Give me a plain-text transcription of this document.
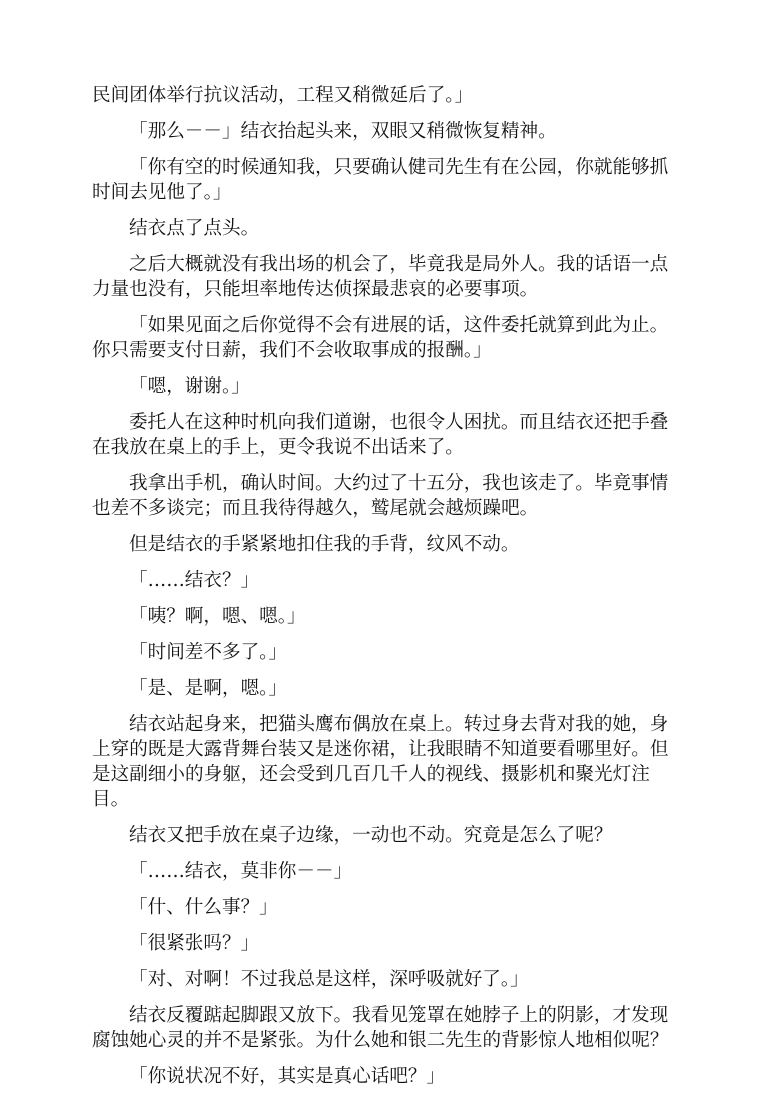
民间团体举行抗议活动，工程又稍微延后了。」

「那么－－」结衣抬起头来，双眼又稍微恢复精神。

「你有空的时候通知我，只要确认健司先生有在公园，你就能够抓时间去见他了。」

结衣点了点头。

之后大概就没有我出场的机会了，毕竟我是局外人。我的话语一点力量也没有，只能坦率地传达侦探最悲哀的必要事项。

「如果见面之后你觉得不会有进展的话，这件委托就算到此为止。你只需要支付日薪，我们不会收取事成的报酬。」

「嗯，谢谢。」

委托人在这种时机向我们道谢，也很令人困扰。而且结衣还把手叠在我放在桌上的手上，更令我说不出话来了。

我拿出手机，确认时间。大约过了十五分，我也该走了。毕竟事情也差不多谈完；而且我待得越久，鹫尾就会越烦躁吧。

但是结衣的手紧紧地扣住我的手背，纹风不动。

「……结衣？」

「咦？啊，嗯、嗯。」

「时间差不多了。」

「是、是啊，嗯。」

结衣站起身来，把猫头鹰布偶放在桌上。转过身去背对我的她，身上穿的既是大露背舞台装又是迷你裙，让我眼睛不知道要看哪里好。但是这副细小的身躯，还会受到几百几千人的视线、摄影机和聚光灯注目。

结衣又把手放在桌子边缘，一动也不动。究竟是怎么了呢？

「……结衣，莫非你－－」

「什、什么事？」

「很紧张吗？」

「对、对啊！不过我总是这样，深呼吸就好了。」

结衣反覆踮起脚跟又放下。我看见笼罩在她脖子上的阴影，才发现腐蚀她心灵的并不是紧张。为什么她和银二先生的背影惊人地相似呢？

「你说状况不好，其实是真心话吧？」
